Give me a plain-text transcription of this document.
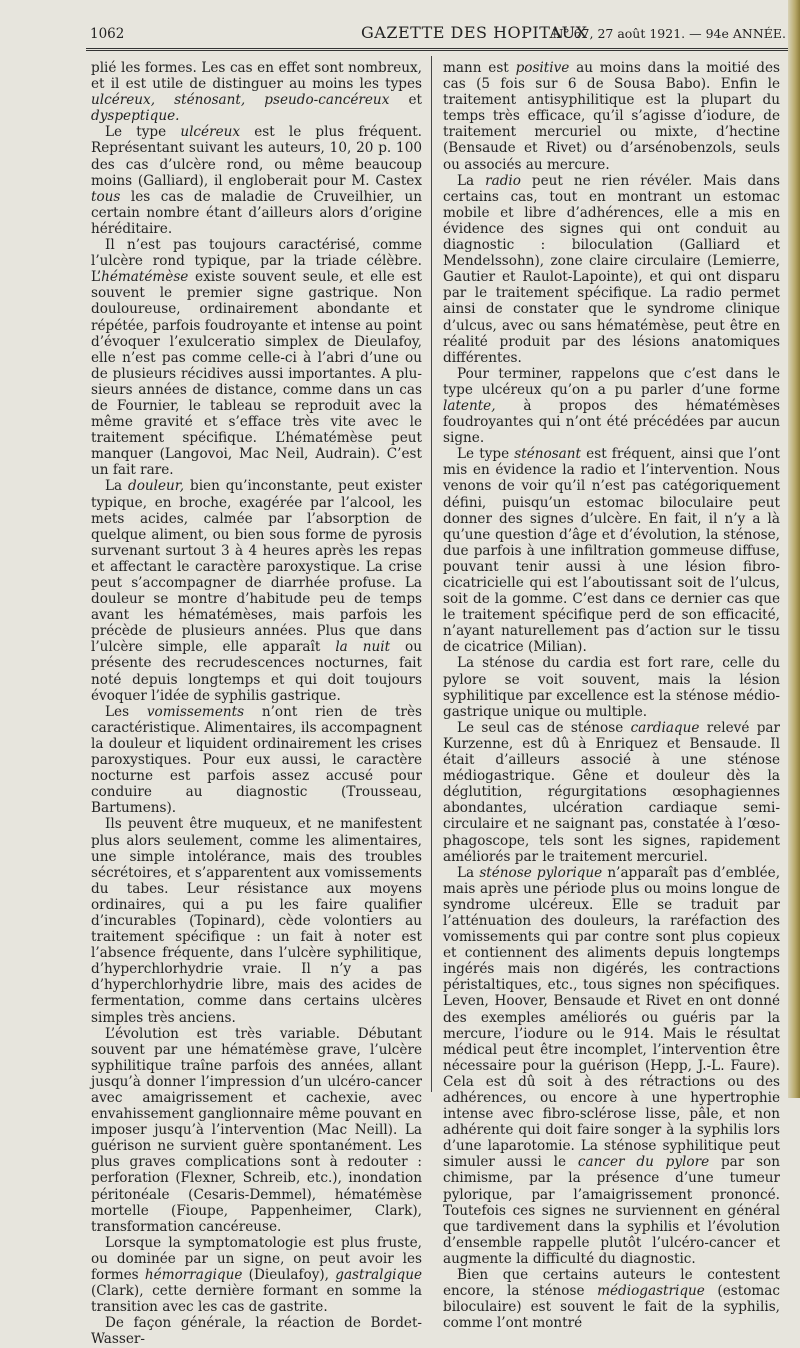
1062	GAZETTE DES HOPITAUX
N° 67, 27 août 1921. — 94e ANNÉE.

plié les formes. Les cas en effet sont nombreux, et il est utile de distinguer au moins les types ulcéreux, sténosant, pseudo-cancéreux et dyspeptique.

Le type ulcéreux est le plus fréquent. Représentant suivant les auteurs, 10, 20 p. 100 des cas d’ulcère rond, ou même beaucoup moins (Galliard), il engloberait pour M. Castex tous les cas de maladie de Cruveilhier, un certain nombre étant d’ailleurs alors d’origine héréditaire.

Il n’est pas toujours caractérisé, comme l’ulcère rond typique, par la triade célèbre. L’hématémèse existe souvent seule, et elle est souvent le premier signe gastrique. Non douloureuse, ordinairement abondante et répétée, parfois foudroyante et intense au point d’évoquer l’exulceratio simplex de Dieulafoy, elle n’est pas comme celle-ci à l’abri d’une ou de plusieurs récidives aussi importantes. A plusieurs années de distance, comme dans un cas de Fournier, le tableau se reproduit avec la même gravité et s’efface très vite avec le traitement spécifique. L’hématémèse peut manquer (Langovoi, Mac Neil, Audrain). C’est un fait rare.

La douleur, bien qu’inconstante, peut exister typique, en broche, exagérée par l’alcool, les mets acides, calmée par l’absorption de quelque aliment, ou bien sous forme de pyrosis survenant surtout 3 à 4 heures après les repas et affectant le caractère paroxystique. La crise peut s’accompagner de diarrhée profuse. La douleur se montre d’habitude peu de temps avant les hématémèses, mais parfois les précède de plusieurs années. Plus que dans l’ulcère simple, elle apparaît la nuit ou présente des recrudescences nocturnes, fait noté depuis longtemps et qui doit toujours évoquer l’idée de syphilis gastrique.

Les vomissements n’ont rien de très caractéristique. Alimentaires, ils accompagnent la douleur et liquident ordinairement les crises paroxystiques. Pour eux aussi, le caractère nocturne est parfois assez accusé pour conduire au diagnostic (Trousseau, Bartumens).

Ils peuvent être muqueux, et ne manifestent plus alors seulement, comme les alimentaires, une simple intolérance, mais des troubles sécrétoires, et s’apparentent aux vomissements du tabes. Leur résistance aux moyens ordinaires, qui a pu les faire qualifier d’incurables (Topinard), cède volontiers au traitement spécifique : un fait à noter est l’absence fréquente, dans l’ulcère syphilitique, d’hyperchlorhydrie vraie. Il n’y a pas d’hyperchlorhydrie libre, mais des acides de fermentation, comme dans certains ulcères simples très anciens.

L’évolution est très variable. Débutant souvent par une hématémèse grave, l’ulcère syphilitique traîne parfois des années, allant jusqu’à donner l’impression d’un ulcéro-cancer avec amaigrissement et cachexie, avec envahissement ganglionnaire même pouvant en imposer jusqu’à l’intervention (Mac Neill). La guérison ne survient guère spontanément. Les plus graves complications sont à redouter : perforation (Flexner, Schreib, etc.), inondation péritonéale (Cesaris-Demmel), hématémèse mortelle (Fioupe, Pappenheimer, Clark), transformation cancéreuse.

Lorsque la symptomatologie est plus fruste, ou dominée par un signe, on peut avoir les formes hémorragique (Dieulafoy), gastralgique (Clark), cette dernière formant en somme la transition avec les cas de gastrite.

De façon générale, la réaction de Bordet-Wasser-

mann est positive au moins dans la moitié des cas (5 fois sur 6 de Sousa Babo). Enfin le traitement antisyphilitique est la plupart du temps très efficace, qu’il s’agisse d’iodure, de traitement mercuriel ou mixte, d’hectine (Bensaude et Rivet) ou d’arsénobenzols, seuls ou associés au mercure.

La radio peut ne rien révéler. Mais dans certains cas, tout en montrant un estomac mobile et libre d’adhérences, elle a mis en évidence des signes qui ont conduit au diagnostic : biloculation (Galliard et Mendelssohn), zone claire circulaire (Lemierre, Gautier et Raulot-Lapointe), et qui ont disparu par le traitement spécifique. La radio permet ainsi de constater que le syndrome clinique d’ulcus, avec ou sans hématémèse, peut être en réalité produit par des lésions anatomiques différentes.

Pour terminer, rappelons que c’est dans le type ulcéreux qu’on a pu parler d’une forme latente, à propos des hématémèses foudroyantes qui n’ont été précédées par aucun signe.

Le type sténosant est fréquent, ainsi que l’ont mis en évidence la radio et l’intervention. Nous venons de voir qu’il n’est pas catégoriquement défini, puisqu’un estomac biloculaire peut donner des signes d’ulcère. En fait, il n’y a là qu’une question d’âge et d’évolution, la sténose, due parfois à une infiltration gommeuse diffuse, pouvant tenir aussi à une lésion fibro-cicatricielle qui est l’aboutissant soit de l’ulcus, soit de la gomme. C’est dans ce dernier cas que le traitement spécifique perd de son efficacité, n’ayant naturellement pas d’action sur le tissu de cicatrice (Milian).

La sténose du cardia est fort rare, celle du pylore se voit souvent, mais la lésion syphilitique par excellence est la sténose médio-gastrique unique ou multiple.

Le seul cas de sténose cardiaque relevé par Kurzenne, est dû à Enriquez et Bensaude. Il était d’ailleurs associé à une sténose médiogastrique. Gêne et douleur dès la déglutition, régurgitations œsophagiennes abondantes, ulcération cardiaque semi-circulaire et ne saignant pas, constatée à l’œsophagoscope, tels sont les signes, rapidement améliorés par le traitement mercuriel.

La sténose pylorique n’apparaît pas d’emblée, mais après une période plus ou moins longue de syndrome ulcéreux. Elle se traduit par l’atténuation des douleurs, la raréfaction des vomissements qui par contre sont plus copieux et contiennent des aliments depuis longtemps ingérés mais non digérés, les contractions péristaltiques, etc., tous signes non spécifiques. Leven, Hoover, Bensaude et Rivet en ont donné des exemples améliorés ou guéris par la mercure, l’iodure ou le 914. Mais le résultat médical peut être incomplet, l’intervention être nécessaire pour la guérison (Hepp, J.-L. Faure). Cela est dû soit à des rétractions ou des adhérences, ou encore à une hypertrophie intense avec fibro-sclérose lisse, pâle, et non adhérente qui doit faire songer à la syphilis lors d’une laparotomie. La sténose syphilitique peut simuler aussi le cancer du pylore par son chimisme, par la présence d’une tumeur pylorique, par l’amaigrissement prononcé. Toutefois ces signes ne surviennent en général que tardivement dans la syphilis et l’évolution d’ensemble rappelle plutôt l’ulcéro-cancer et augmente la difficulté du diagnostic.

Bien que certains auteurs le contestent encore, la sténose médiogastrique (estomac biloculaire) est souvent le fait de la syphilis, comme l’ont montré
